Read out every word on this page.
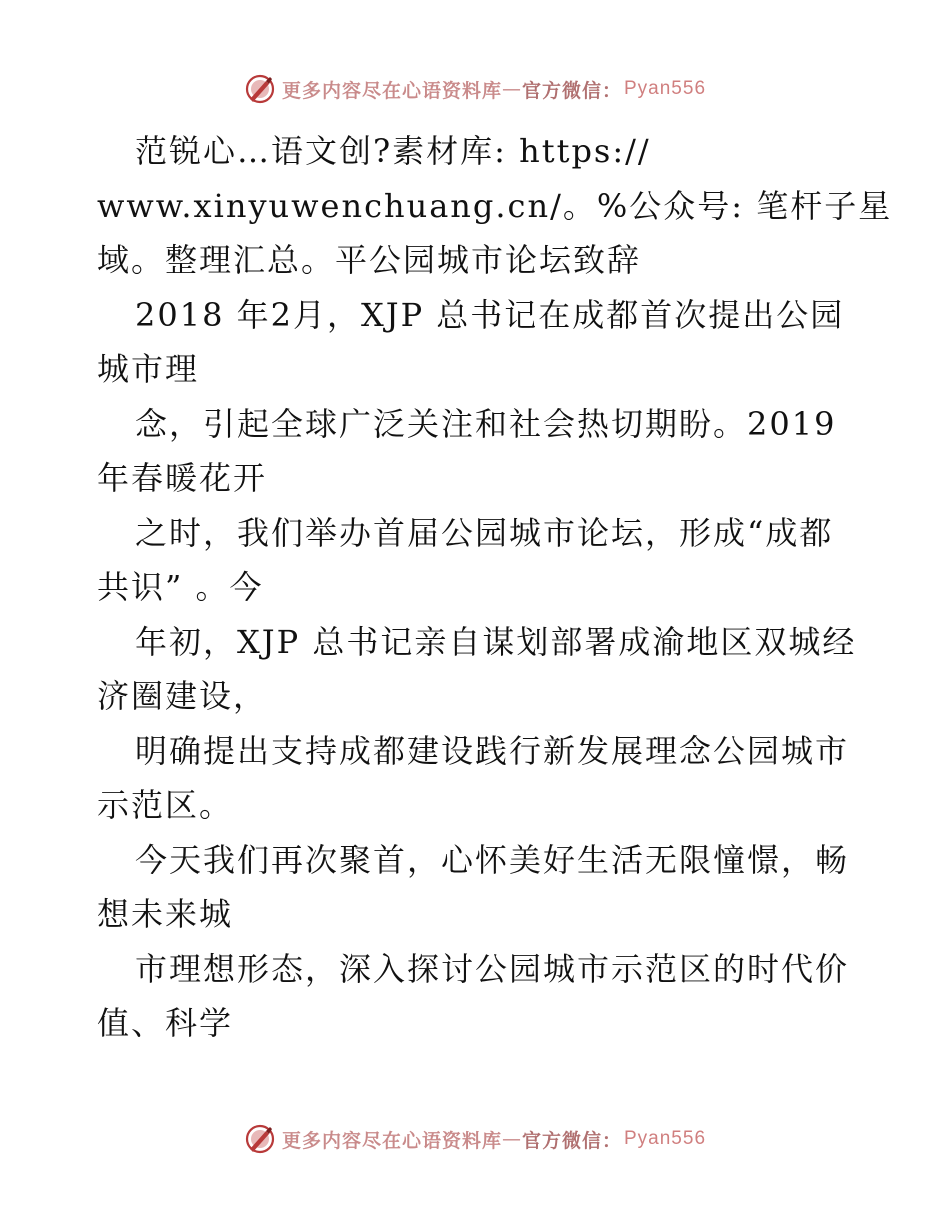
更多内容尽在心语资料库 — 官方微信： Pyan556
范锐心…语文创?素材库: https://
www.xinyuwenchuang.cn/。%公众号: 笔杆子星
域。整理汇总。平公园城市论坛致辞
2018 年2月，XJP 总书记在成都首次提出公园
城市理
念，引起全球广泛关注和社会热切期盼。2019
年春暖花开
之时，我们举办首届公园城市论坛，形成“成都
共识” 。今
年初，XJP 总书记亲自谋划部署成渝地区双城经
济圈建设，
明确提出支持成都建设践行新发展理念公园城市
示范区。
今天我们再次聚首，心怀美好生活无限憧憬，畅
想未来城
市理想形态，深入探讨公园城市示范区的时代价
值、科学
更多内容尽在心语资料库 — 官方微信： Pyan556
